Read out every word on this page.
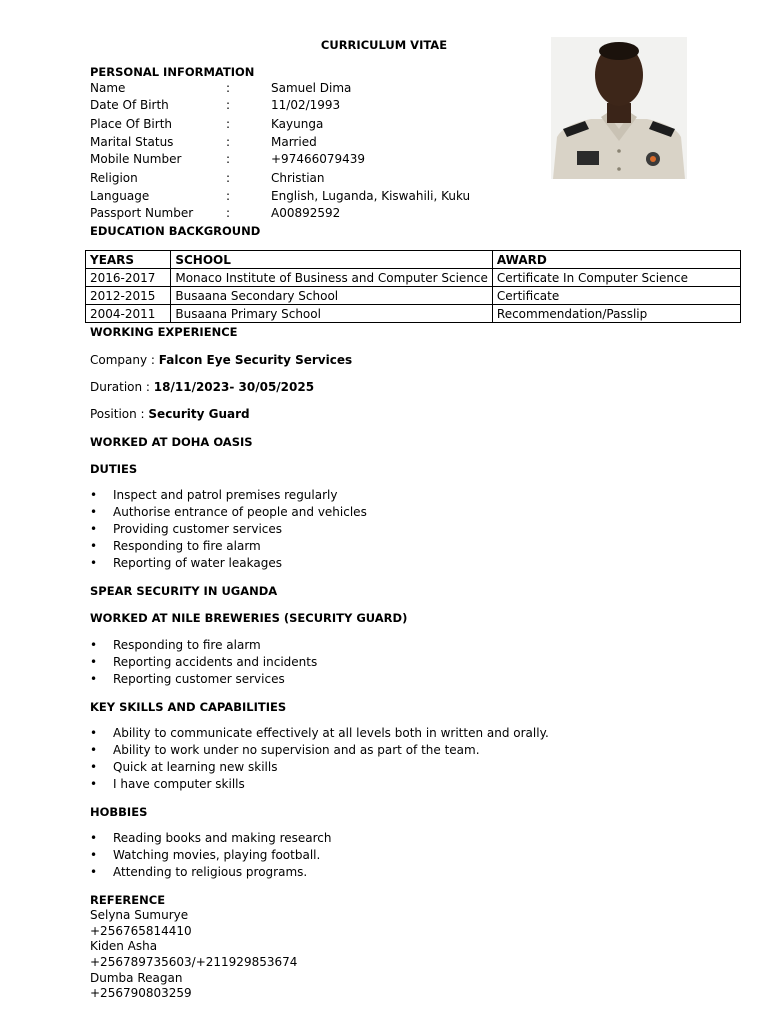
CURRICULUM VITAE
PERSONAL INFORMATION
Name	:	Samuel Dima
Date Of Birth	:	11/02/1993
Place Of Birth	:	Kayunga
Marital Status	:	Married
Mobile Number	:	+97466079439
Religion	:	Christian
Language	:	English, Luganda, Kiswahili, Kuku
Passport Number	:	A00892592
EDUCATION BACKGROUND
YEARS	SCHOOL	AWARD
2016-2017	Monaco Institute of Business and Computer Science	Certificate In Computer Science
2012-2015	Busaana Secondary School	Certificate
2004-2011	Busaana Primary School	Recommendation/Passlip
WORKING EXPERIENCE
Company : Falcon Eye Security Services
Duration : 18/11/2023- 30/05/2025
Position : Security Guard
WORKED AT DOHA OASIS
DUTIES
• Inspect and patrol premises regularly
• Authorise entrance of people and vehicles
• Providing customer services
• Responding to fire alarm
• Reporting of water leakages
SPEAR SECURITY IN UGANDA
WORKED AT NILE BREWERIES (SECURITY GUARD)
• Responding to fire alarm
• Reporting accidents and incidents
• Reporting customer services
KEY SKILLS AND CAPABILITIES
• Ability to communicate effectively at all levels both in written and orally.
• Ability to work under no supervision and as part of the team.
• Quick at learning new skills
• I have computer skills
HOBBIES
• Reading books and making research
• Watching movies, playing football.
• Attending to religious programs.
REFERENCE
Selyna Sumurye
+256765814410
Kiden Asha
+256789735603/+211929853674
Dumba Reagan
+256790803259
